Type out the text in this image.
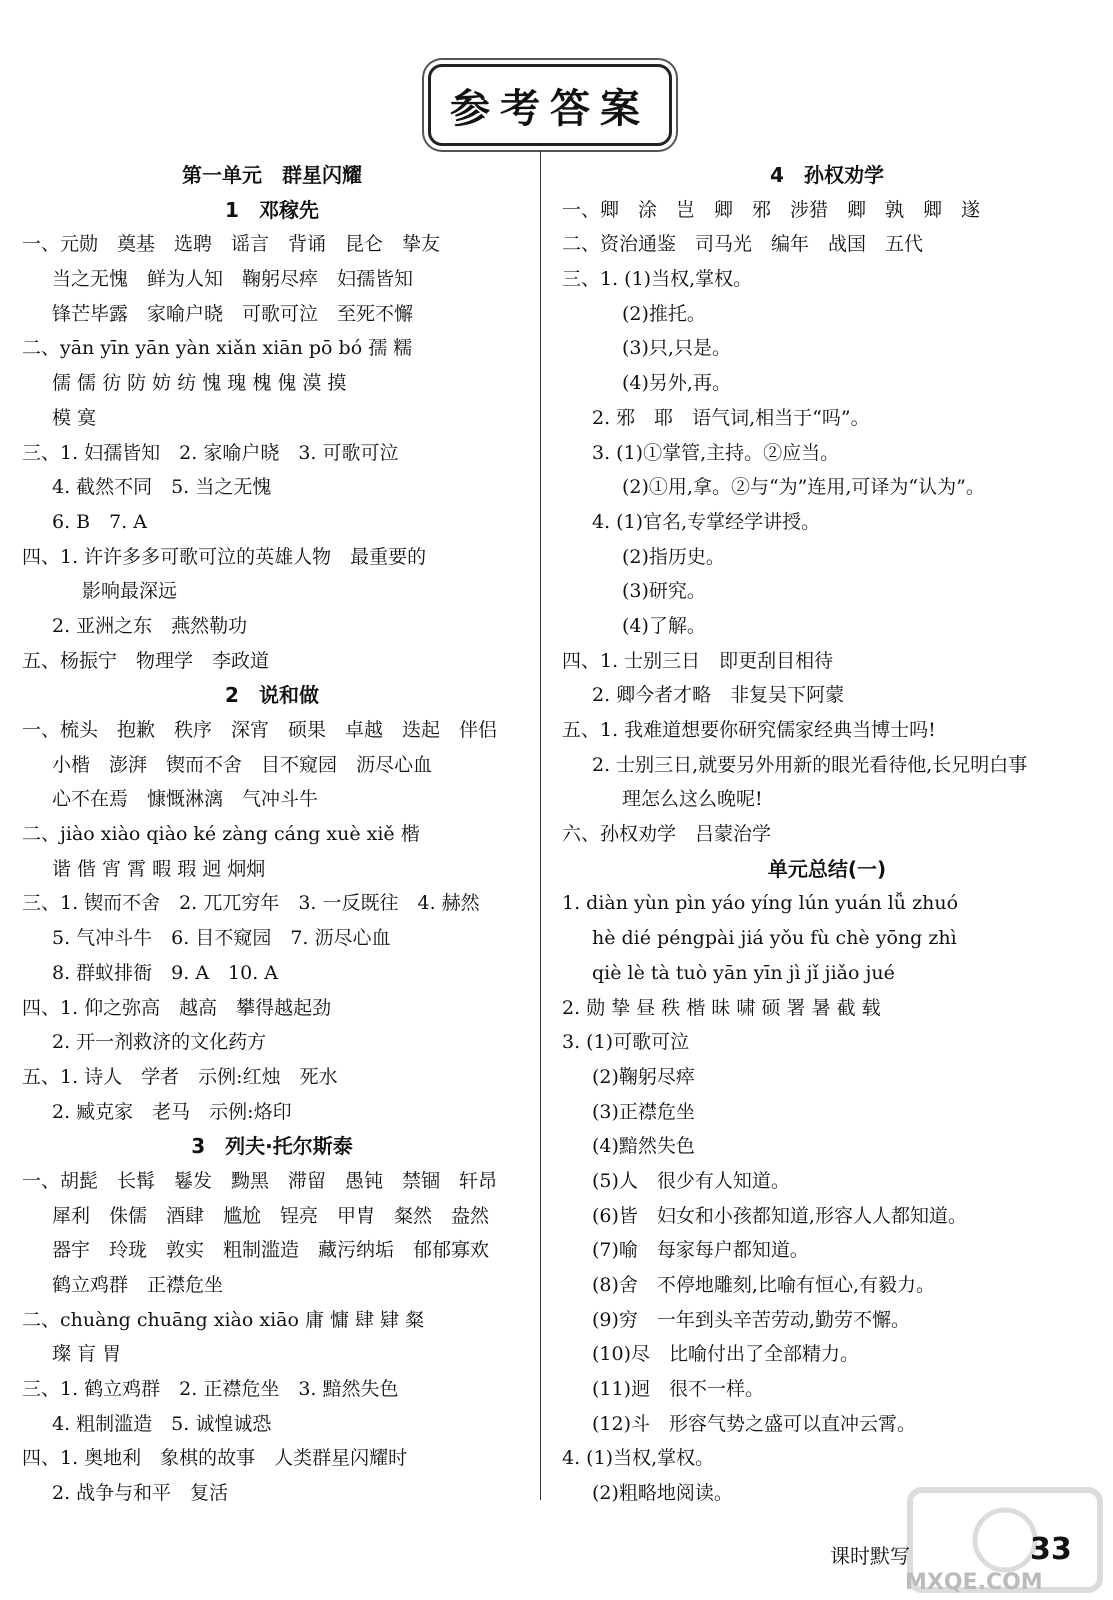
参考答案
第一单元　群星闪耀
1　邓稼先
一、元勋　奠基　选聘　谣言　背诵　昆仑　挚友
当之无愧　鲜为人知　鞠躬尽瘁　妇孺皆知
锋芒毕露　家喻户晓　可歌可泣　至死不懈
二、yān yīn yān yàn xiǎn xiān pō bó 孺 糯
儒 儒 彷 防 妨 纺 愧 瑰 槐 傀 漠 摸
模 寞
三、1. 妇孺皆知　2. 家喻户晓　3. 可歌可泣
4. 截然不同　5. 当之无愧
6. B　7. A
四、1. 许许多多可歌可泣的英雄人物　最重要的
影响最深远
2. 亚洲之东　燕然勒功
五、杨振宁　物理学　李政道
2　说和做
一、梳头　抱歉　秩序　深宵　硕果　卓越　迭起　伴侣
小楷　澎湃　锲而不舍　目不窥园　沥尽心血
心不在焉　慷慨淋漓　气冲斗牛
二、jiào xiào qiào ké zàng cáng xuè xiě 楷
谐 偕 宵 霄 暇 瑕 迥 炯炯
三、1. 锲而不舍　2. 兀兀穷年　3. 一反既往　4. 赫然
5. 气冲斗牛　6. 目不窥园　7. 沥尽心血
8. 群蚁排衙　9. A　10. A
四、1. 仰之弥高　越高　攀得越起劲
2. 开一剂救济的文化药方
五、1. 诗人　学者　示例:红烛　死水
2. 臧克家　老马　示例:烙印
3　列夫·托尔斯泰
一、胡髭　长髯　鬈发　黝黑　滞留　愚钝　禁锢　轩昂
犀利　侏儒　酒肆　尴尬　锃亮　甲胄　粲然　盎然
器宇　玲珑　敦实　粗制滥造　藏污纳垢　郁郁寡欢
鹤立鸡群　正襟危坐
二、chuàng chuāng xiào xiāo 庸 慵 肆 肄 粲
璨 肓 胃
三、1. 鹤立鸡群　2. 正襟危坐　3. 黯然失色
4. 粗制滥造　5. 诚惶诚恐
四、1. 奥地利　象棋的故事　人类群星闪耀时
2. 战争与和平　复活
4　孙权劝学
一、卿　涂　岂　卿　邪　涉猎　卿　孰　卿　遂
二、资治通鉴　司马光　编年　战国　五代
三、1. (1)当权,掌权。
(2)推托。
(3)只,只是。
(4)另外,再。
2. 邪　耶　语气词,相当于“吗”。
3. (1)①掌管,主持。②应当。
(2)①用,拿。②与“为”连用,可译为“认为”。
4. (1)官名,专掌经学讲授。
(2)指历史。
(3)研究。
(4)了解。
四、1. 士别三日　即更刮目相待
2. 卿今者才略　非复吴下阿蒙
五、1. 我难道想要你研究儒家经典当博士吗!
2. 士别三日,就要另外用新的眼光看待他,长兄明白事
理怎么这么晚呢!
六、孙权劝学　吕蒙治学
单元总结(一)
1. diàn yùn pìn yáo yíng lún yuán lǚ zhuó
hè dié péngpài jiá yǒu fù chè yōng zhì
qiè lè tà tuò yān yīn jì jǐ jiǎo jué
2. 勋 挚 昼 秩 楷 昧 啸 硕 署 暑 截 载
3. (1)可歌可泣
(2)鞠躬尽瘁
(3)正襟危坐
(4)黯然失色
(5)人　很少有人知道。
(6)皆　妇女和小孩都知道,形容人人都知道。
(7)喻　每家每户都知道。
(8)舍　不停地雕刻,比喻有恒心,有毅力。
(9)穷　一年到头辛苦劳动,勤劳不懈。
(10)尽　比喻付出了全部精力。
(11)迥　很不一样。
(12)斗　形容气势之盛可以直冲云霄。
4. (1)当权,掌权。
(2)粗略地阅读。
MXQE.COM
课时默写	33
